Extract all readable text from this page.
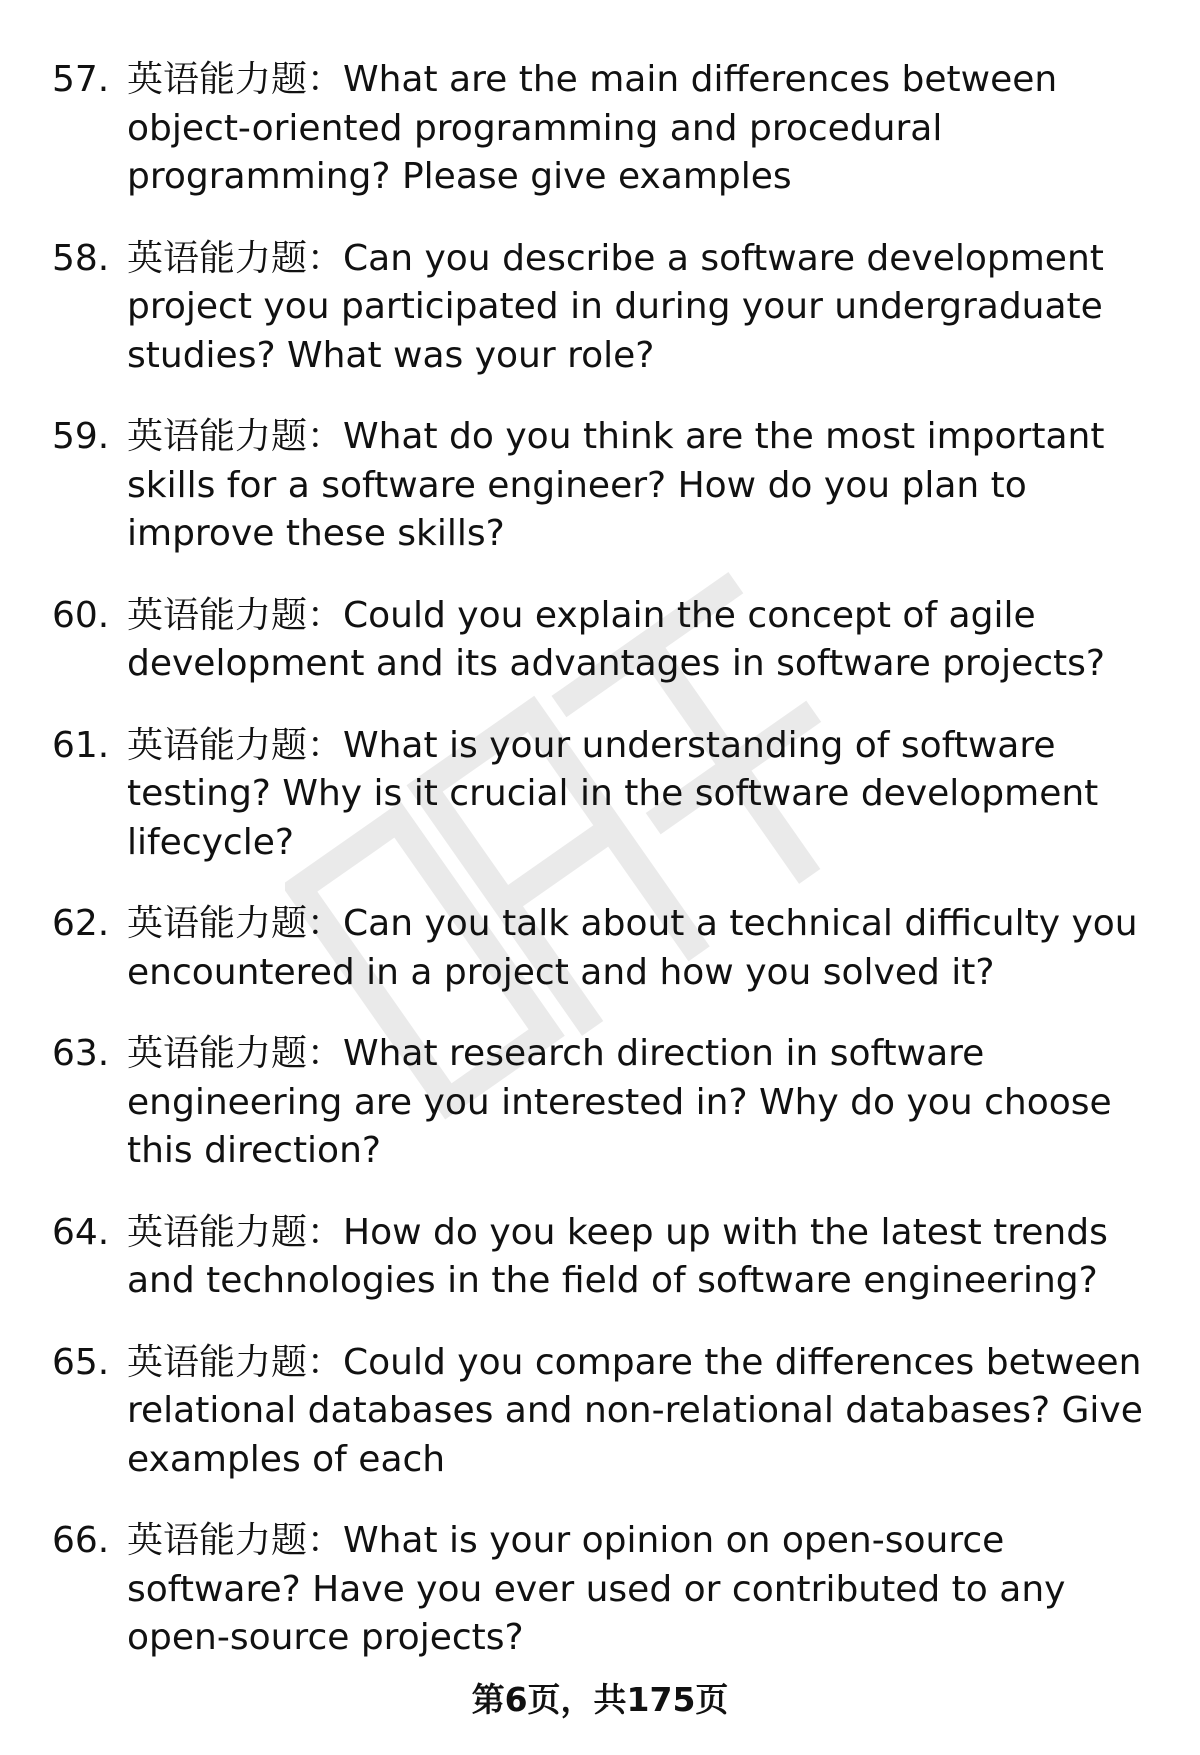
57. 英语能力题：What are the main differences between object-oriented programming and procedural programming? Please give examples
58. 英语能力题：Can you describe a software development project you participated in during your undergraduate studies? What was your role?
59. 英语能力题：What do you think are the most important skills for a software engineer? How do you plan to improve these skills?
60. 英语能力题：Could you explain the concept of agile development and its advantages in software projects?
61. 英语能力题：What is your understanding of software testing? Why is it crucial in the software development lifecycle?
62. 英语能力题：Can you talk about a technical difficulty you encountered in a project and how you solved it?
63. 英语能力题：What research direction in software engineering are you interested in? Why do you choose this direction?
64. 英语能力题：How do you keep up with the latest trends and technologies in the field of software engineering?
65. 英语能力题：Could you compare the differences between relational databases and non-relational databases? Give examples of each
66. 英语能力题：What is your opinion on open-source software? Have you ever used or contributed to any open-source projects?
第6页，共175页
